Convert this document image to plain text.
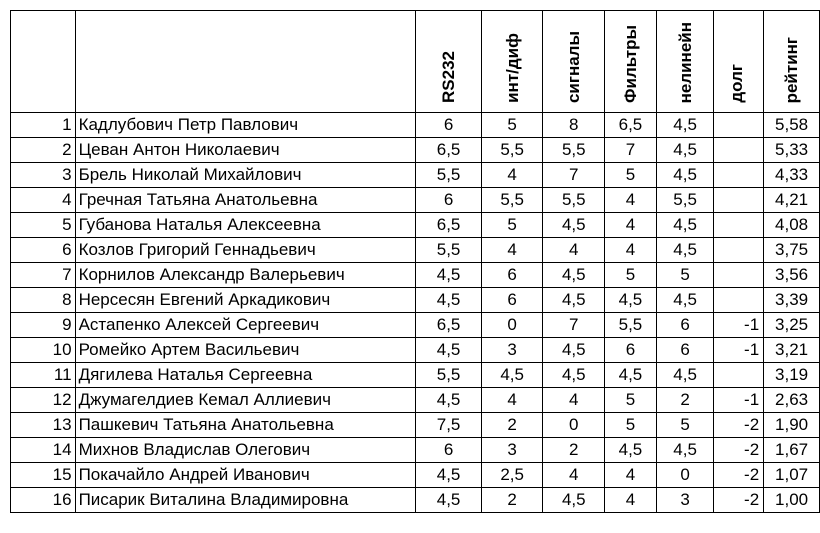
		RS232	инт/диф	сигналы	Фильтры	нелинейн	долг	рейтинг
1	Кадлубович Петр Павлович	6	5	8	6,5	4,5		5,58
2	Цеван Антон Николаевич	6,5	5,5	5,5	7	4,5		5,33
3	Брель Николай Михайлович	5,5	4	7	5	4,5		4,33
4	Гречная Татьяна Анатольевна	6	5,5	5,5	4	5,5		4,21
5	Губанова Наталья Алексеевна	6,5	5	4,5	4	4,5		4,08
6	Козлов Григорий Геннадьевич	5,5	4	4	4	4,5		3,75
7	Корнилов Александр Валерьевич	4,5	6	4,5	5	5		3,56
8	Нерсесян Евгений Аркадикович	4,5	6	4,5	4,5	4,5		3,39
9	Астапенко Алексей Сергеевич	6,5	0	7	5,5	6	-1	3,25
10	Ромейко Артем Васильевич	4,5	3	4,5	6	6	-1	3,21
11	Дягилева Наталья Сергеевна	5,5	4,5	4,5	4,5	4,5		3,19
12	Джумагелдиев Кемал Аллиевич	4,5	4	4	5	2	-1	2,63
13	Пашкевич Татьяна Анатольевна	7,5	2	0	5	5	-2	1,90
14	Михнов Владислав Олегович	6	3	2	4,5	4,5	-2	1,67
15	Покачайло Андрей Иванович	4,5	2,5	4	4	0	-2	1,07
16	Писарик Виталина Владимировна	4,5	2	4,5	4	3	-2	1,00
